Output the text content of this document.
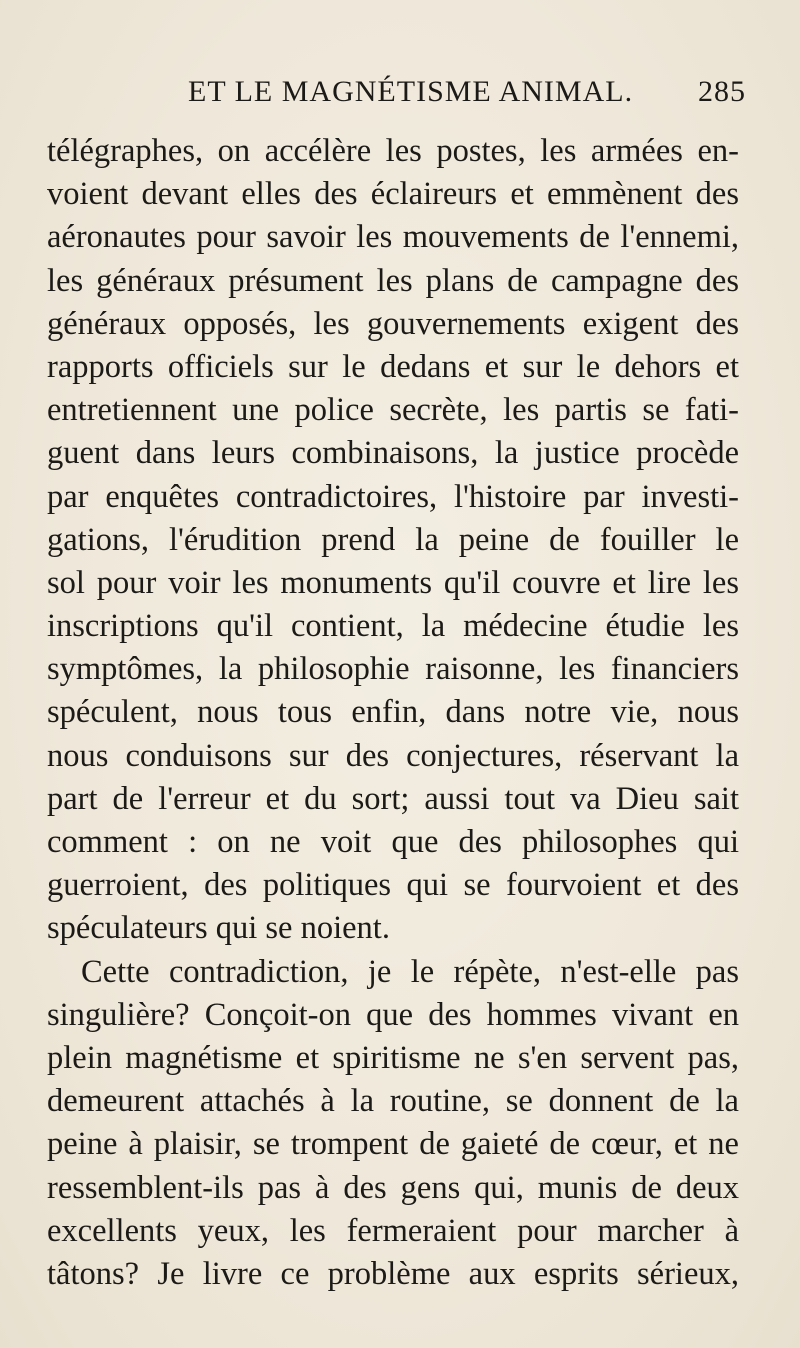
ET LE MAGNÉTISME ANIMAL. 285
télégraphes, on accélère les postes, les armées en-
voient devant elles des éclaireurs et emmènent des
aéronautes pour savoir les mouvements de l'ennemi,
les généraux présument les plans de campagne des
généraux opposés, les gouvernements exigent des
rapports officiels sur le dedans et sur le dehors et
entretiennent une police secrète, les partis se fati-
guent dans leurs combinaisons, la justice procède
par enquêtes contradictoires, l'histoire par investi-
gations, l'érudition prend la peine de fouiller le
sol pour voir les monuments qu'il couvre et lire les
inscriptions qu'il contient, la médecine étudie les
symptômes, la philosophie raisonne, les financiers
spéculent, nous tous enfin, dans notre vie, nous
nous conduisons sur des conjectures, réservant la
part de l'erreur et du sort; aussi tout va Dieu sait
comment : on ne voit que des philosophes qui
guerroient, des politiques qui se fourvoient et des
spéculateurs qui se noient.
Cette contradiction, je le répète, n'est-elle pas
singulière? Conçoit-on que des hommes vivant en
plein magnétisme et spiritisme ne s'en servent pas,
demeurent attachés à la routine, se donnent de la
peine à plaisir, se trompent de gaieté de cœur, et ne
ressemblent-ils pas à des gens qui, munis de deux
excellents yeux, les fermeraient pour marcher à
tâtons? Je livre ce problème aux esprits sérieux,
